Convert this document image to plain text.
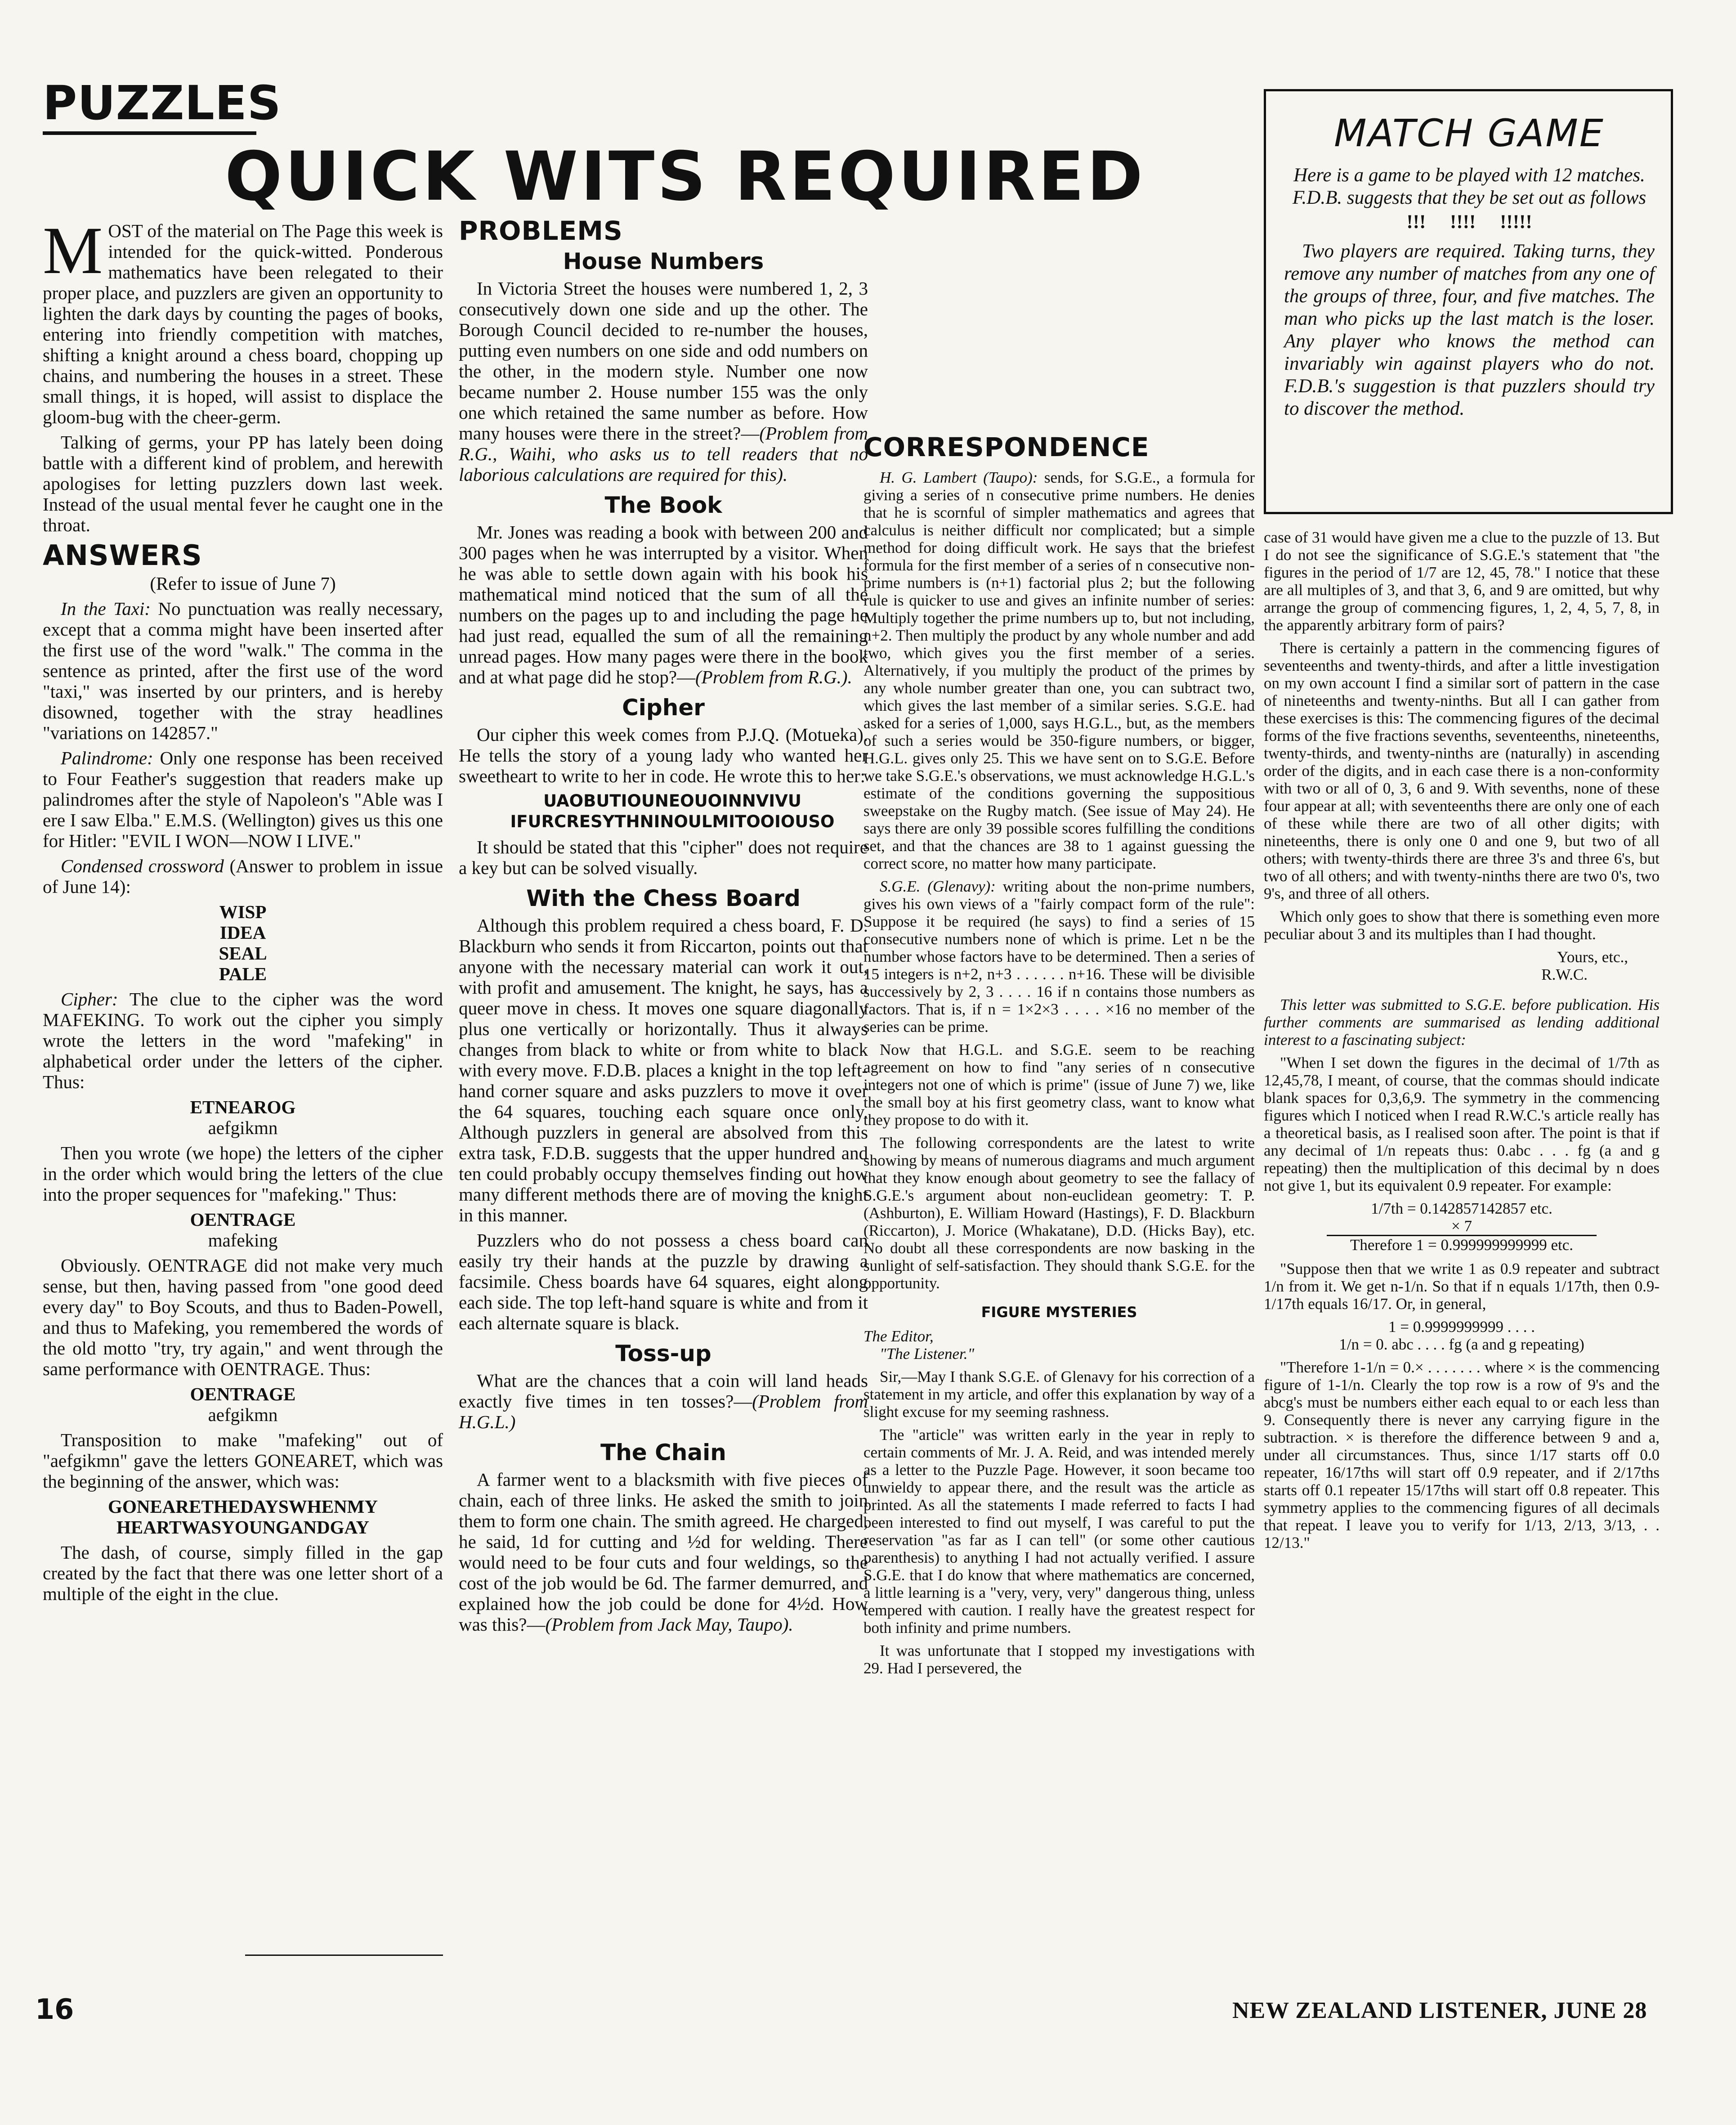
PUZZLES
QUICK WITS REQUIRED

MOST of the material on The Page this week is intended for the quick-witted. Ponderous mathematics have been relegated to their proper place, and puzzlers are given an opportunity to lighten the dark days by counting the pages of books, entering into friendly competition with matches, shifting a knight around a chess board, chopping up chains, and numbering the houses in a street. These small things, it is hoped, will assist to displace the gloom-bug with the cheer-germ.

Talking of germs, your PP has lately been doing battle with a different kind of problem, and herewith apologises for letting puzzlers down last week. Instead of the usual mental fever he caught one in the throat.

ANSWERS

(Refer to issue of June 7)

In the Taxi: No punctuation was really necessary, except that a comma might have been inserted after the first use of the word "walk." The comma in the sentence as printed, after the first use of the word "taxi," was inserted by our printers, and is hereby disowned, together with the stray headlines "variations on 142857."

Palindrome: Only one response has been received to Four Feather's suggestion that readers make up palindromes after the style of Napoleon's "Able was I ere I saw Elba." E.M.S. (Wellington) gives us this one for Hitler: "EVIL I WON—NOW I LIVE."

Condensed crossword (Answer to problem in issue of June 14):

WISP

IDEA

SEAL

PALE

Cipher: The clue to the cipher was the word MAFEKING. To work out the cipher you simply wrote the letters in the word "mafeking" in alphabetical order under the letters of the cipher. Thus:

ETNEAROG

aefgikmn

Then you wrote (we hope) the letters of the cipher in the order which would bring the letters of the clue into the proper sequences for "mafeking." Thus:

OENTRAGE

mafeking

Obviously. OENTRAGE did not make very much sense, but then, having passed from "one good deed every day" to Boy Scouts, and thus to Baden-Powell, and thus to Mafeking, you remembered the words of the old motto "try, try again," and went through the same performance with OENTRAGE. Thus:

OENTRAGE

aefgikmn

Transposition to make "mafeking" out of "aefgikmn" gave the letters GONEARET, which was the beginning of the answer, which was:

GONEARETHEDAYSWHENMY

HEARTWASYOUNGANDGAY

The dash, of course, simply filled in the gap created by the fact that there was one letter short of a multiple of the eight in the clue.

PROBLEMS
House Numbers

In Victoria Street the houses were numbered 1, 2, 3 consecutively down one side and up the other. The Borough Council decided to re-number the houses, putting even numbers on one side and odd numbers on the other, in the modern style. Number one now became number 2. House number 155 was the only one which retained the same number as before. How many houses were there in the street?—(Problem from R.G., Waihi, who asks us to tell readers that no laborious calculations are required for this).

The Book

Mr. Jones was reading a book with between 200 and 300 pages when he was interrupted by a visitor. When he was able to settle down again with his book his mathematical mind noticed that the sum of all the numbers on the pages up to and including the page he had just read, equalled the sum of all the remaining unread pages. How many pages were there in the book and at what page did he stop?—(Problem from R.G.).

Cipher

Our cipher this week comes from P.J.Q. (Motueka). He tells the story of a young lady who wanted her sweetheart to write to her in code. He wrote this to her:

UAOBUTIOUNEOUOINNVIVU

IFURCRESYTHNINOULMITOOIOUSO

It should be stated that this "cipher" does not require a key but can be solved visually.

With the Chess Board

Although this problem required a chess board, F. D. Blackburn who sends it from Riccarton, points out that anyone with the necessary material can work it out, with profit and amusement. The knight, he says, has a queer move in chess. It moves one square diagonally plus one vertically or horizontally. Thus it always changes from black to white or from white to black with every move. F.D.B. places a knight in the top left-hand corner square and asks puzzlers to move it over the 64 squares, touching each square once only. Although puzzlers in general are absolved from this extra task, F.D.B. suggests that the upper hundred and ten could probably occupy themselves finding out how many different methods there are of moving the knight in this manner.

Puzzlers who do not possess a chess board can easily try their hands at the puzzle by drawing a facsimile. Chess boards have 64 squares, eight along each side. The top left-hand square is white and from it each alternate square is black.

Toss-up

What are the chances that a coin will land heads exactly five times in ten tosses?—(Problem from H.G.L.)

The Chain

A farmer went to a blacksmith with five pieces of chain, each of three links. He asked the smith to join them to form one chain. The smith agreed. He charged, he said, 1d for cutting and ½d for welding. There would need to be four cuts and four weldings, so the cost of the job would be 6d. The farmer demurred, and explained how the job could be done for 4½d. How was this?—(Problem from Jack May, Taupo).

CORRESPONDENCE

H. G. Lambert (Taupo): sends, for S.G.E., a formula for giving a series of n consecutive prime numbers. He denies that he is scornful of simpler mathematics and agrees that calculus is neither difficult nor complicated; but a simple method for doing difficult work. He says that the briefest formula for the first member of a series of n consecutive non-prime numbers is (n+1) factorial plus 2; but the following rule is quicker to use and gives an infinite number of series: Multiply together the prime numbers up to, but not including, n+2. Then multiply the product by any whole number and add two, which gives you the first member of a series. Alternatively, if you multiply the product of the primes by any whole number greater than one, you can subtract two, which gives the last member of a similar series. S.G.E. had asked for a series of 1,000, says H.G.L., but, as the members of such a series would be 350-figure numbers, or bigger, H.G.L. gives only 25. This we have sent on to S.G.E. Before we take S.G.E.'s observations, we must acknowledge H.G.L.'s estimate of the conditions governing the suppositious sweepstake on the Rugby match. (See issue of May 24). He says there are only 39 possible scores fulfilling the conditions set, and that the chances are 38 to 1 against guessing the correct score, no matter how many participate.

S.G.E. (Glenavy): writing about the non-prime numbers, gives his own views of a "fairly compact form of the rule": Suppose it be required (he says) to find a series of 15 consecutive numbers none of which is prime. Let n be the number whose factors have to be determined. Then a series of 15 integers is n+2, n+3 . . . . . . n+16. These will be divisible successively by 2, 3 . . . . 16 if n contains those numbers as factors. That is, if n = 1×2×3 . . . . ×16 no member of the series can be prime.

Now that H.G.L. and S.G.E. seem to be reaching agreement on how to find "any series of n consecutive integers not one of which is prime" (issue of June 7) we, like the small boy at his first geometry class, want to know what they propose to do with it.

The following correspondents are the latest to write showing by means of numerous diagrams and much argument that they know enough about geometry to see the fallacy of S.G.E.'s argument about non-euclidean geometry: T. P. (Ashburton), E. William Howard (Hastings), F. D. Blackburn (Riccarton), J. Morice (Whakatane), D.D. (Hicks Bay), etc. No doubt all these correspondents are now basking in the sunlight of self-satisfaction. They should thank S.G.E. for the opportunity.

FIGURE MYSTERIES

The Editor,

"The Listener."

Sir,—May I thank S.G.E. of Glenavy for his correction of a statement in my article, and offer this explanation by way of a slight excuse for my seeming rashness.

The "article" was written early in the year in reply to certain comments of Mr. J. A. Reid, and was intended merely as a letter to the Puzzle Page. However, it soon became too unwieldy to appear there, and the result was the article as printed. As all the statements I made referred to facts I had been interested to find out myself, I was careful to put the reservation "as far as I can tell" (or some other cautious parenthesis) to anything I had not actually verified. I assure S.G.E. that I do know that where mathematics are concerned, a little learning is a "very, very, very" dangerous thing, unless tempered with caution. I really have the greatest respect for both infinity and prime numbers.

It was unfortunate that I stopped my investigations with 29. Had I persevered, the

MATCH GAME
Here is a game to be played with 12 matches. F.D.B. suggests that they be set out as follows
!!!     !!!!     !!!!!
Two players are required. Taking turns, they remove any number of matches from any one of the groups of three, four, and five matches. The man who picks up the last match is the loser. Any player who knows the method can invariably win against players who do not. F.D.B.'s suggestion is that puzzlers should try to discover the method.

case of 31 would have given me a clue to the puzzle of 13. But I do not see the significance of S.G.E.'s statement that "the figures in the period of 1/7 are 12, 45, 78." I notice that these are all multiples of 3, and that 3, 6, and 9 are omitted, but why arrange the group of commencing figures, 1, 2, 4, 5, 7, 8, in the apparently arbitrary form of pairs?

There is certainly a pattern in the commencing figures of seventeenths and twenty-thirds, and after a little investigation on my own account I find a similar sort of pattern in the case of nineteenths and twenty-ninths. But all I can gather from these exercises is this: The commencing figures of the decimal forms of the five fractions sevenths, seventeenths, nineteenths, twenty-thirds, and twenty-ninths are (naturally) in ascending order of the digits, and in each case there is a non-conformity with two or all of 0, 3, 6 and 9. With sevenths, none of these four appear at all; with seventeenths there are only one of each of these while there are two of all other digits; with nineteenths, there is only one 0 and one 9, but two of all others; with twenty-thirds there are three 3's and three 6's, but two of all others; and with twenty-ninths there are two 0's, two 9's, and three of all others.

Which only goes to show that there is something even more peculiar about 3 and its multiples than I had thought.

Yours, etc.,

R.W.C.

This letter was submitted to S.G.E. before publication. His further comments are summarised as lending additional interest to a fascinating subject:

"When I set down the figures in the decimal of 1/7th as 12,45,78, I meant, of course, that the commas should indicate blank spaces for 0,3,6,9. The symmetry in the commencing figures which I noticed when I read R.W.C.'s article really has a theoretical basis, as I realised soon after. The point is that if any decimal of 1/n repeats thus: 0.abc . . . fg (a and g repeating) then the multiplication of this decimal by n does not give 1, but its equivalent 0.9 repeater. For example:

1/7th = 0.142857142857 etc.

× 7

Therefore 1 = 0.999999999999 etc.

"Suppose then that we write 1 as 0.9 repeater and subtract 1/n from it. We get n-1/n. So that if n equals 1/17th, then 0.9-1/17th equals 16/17. Or, in general,

1 = 0.9999999999 . . . .

1/n = 0. abc . . . . fg (a and g repeating)

"Therefore 1-1/n = 0.× . . . . . . . where × is the commencing figure of 1-1/n. Clearly the top row is a row of 9's and the abcg's must be numbers either each equal to or each less than 9. Consequently there is never any carrying figure in the subtraction. × is therefore the difference between 9 and a, under all circumstances. Thus, since 1/17 starts off 0.0 repeater, 16/17ths will start off 0.9 repeater, and if 2/17ths starts off 0.1 repeater 15/17ths will start off 0.8 repeater. This symmetry applies to the commencing figures of all decimals that repeat. I leave you to verify for 1/13, 2/13, 3/13, . . 12/13."

16	NEW ZEALAND LISTENER, JUNE 28
